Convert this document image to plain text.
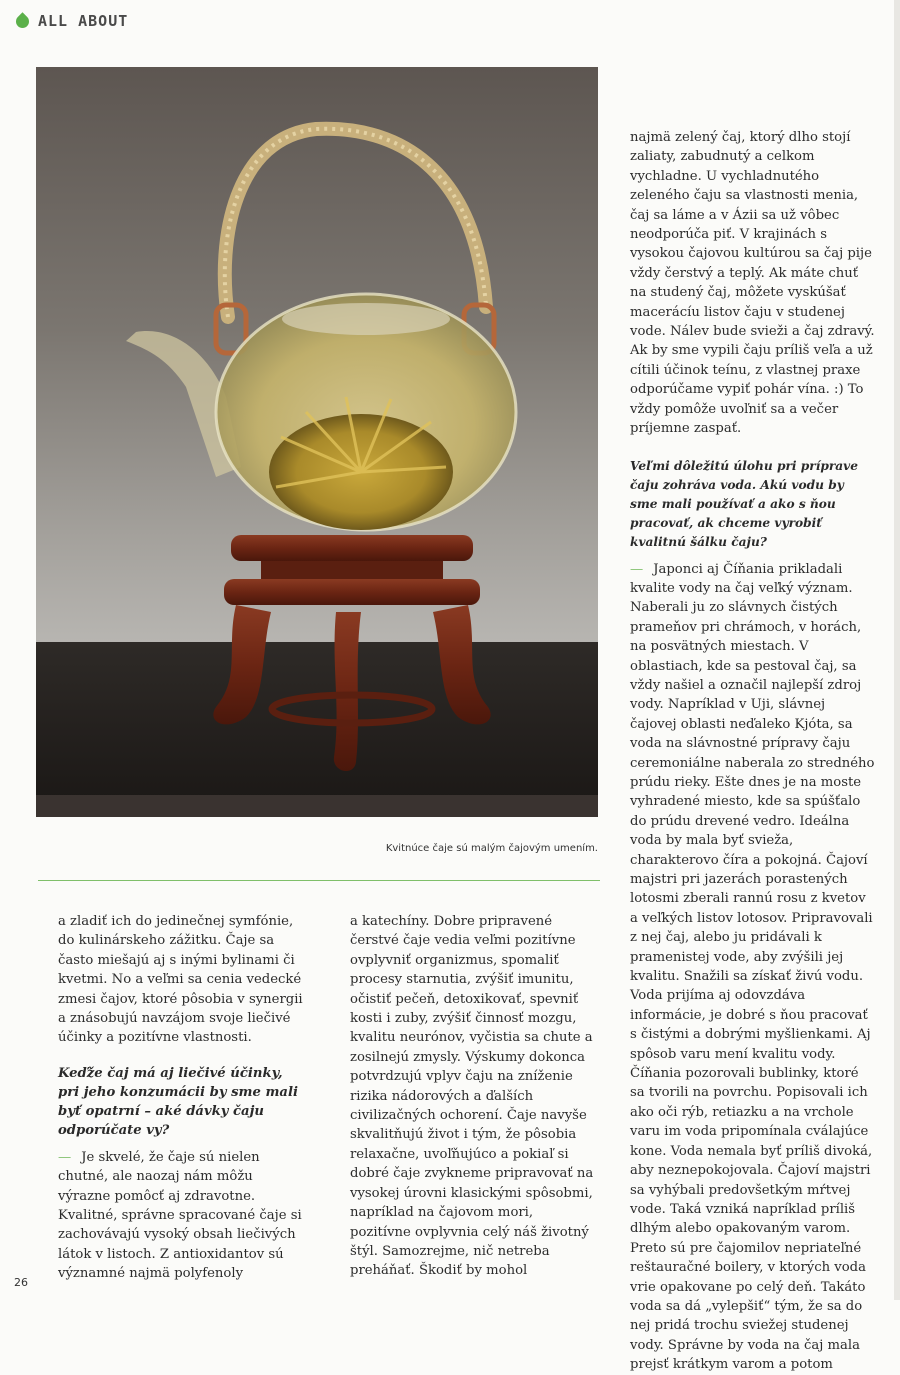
ALL ABOUT
Kvitnúce čaje sú malým čajovým umením.

a zladiť ich do jedinečnej symfónie, do kulinárskeho zážitku. Čaje sa často miešajú aj s inými bylinami či kvetmi. No a veľmi sa cenia vedecké zmesi čajov, ktoré pôsobia v synergii a znásobujú navzájom svoje liečivé účinky a pozitívne vlastnosti.

Keďže čaj má aj liečivé účinky, pri jeho konzumácii by sme mali byť opatrní – aké dávky čaju odporúčate vy?

— Je skvelé, že čaje sú nielen chutné, ale naozaj nám môžu výrazne pomôcť aj zdravotne. Kvalitné, správne spracované čaje si zachovávajú vysoký obsah liečivých látok v listoch. Z antioxidantov sú významné najmä polyfenoly

a katechíny. Dobre pripravené čerstvé čaje vedia veľmi pozitívne ovplyvniť organizmus, spomaliť procesy starnutia, zvýšiť imunitu, očistiť pečeň, detoxikovať, spevniť kosti i zuby, zvýšiť činnosť mozgu, kvalitu neurónov, vyčistia sa chute a zosilnejú zmysly. Výskumy dokonca potvrdzujú vplyv čaju na zníženie rizika nádorových a ďalších civilizačných ochorení. Čaje navyše skvalitňujú život i tým, že pôsobia relaxačne, uvoľňujúco a pokiaľ si dobré čaje zvykneme pripravovať na vysokej úrovni klasickými spôsobmi, napríklad na čajovom mori, pozitívne ovplyvnia celý náš životný štýl. Samozrejme, nič netreba preháňať. Škodiť by mohol

najmä zelený čaj, ktorý dlho stojí zaliaty, zabudnutý a celkom vychladne. U vychladnutého zeleného čaju sa vlastnosti menia, čaj sa láme a v Ázii sa už vôbec neodporúča piť. V krajinách s vysokou čajovou kultúrou sa čaj pije vždy čerstvý a teplý. Ak máte chuť na studený čaj, môžete vyskúšať macerácíu listov čaju v studenej vode. Nálev bude svieži a čaj zdravý. Ak by sme vypili čaju príliš veľa a už cítili účinok teínu, z vlastnej praxe odporúčame vypiť pohár vína. :) To vždy pomôže uvoľniť sa a večer príjemne zaspať.

Veľmi dôležitú úlohu pri príprave čaju zohráva voda. Akú vodu by sme mali používať a ako s ňou pracovať, ak chceme vyrobiť kvalitnú šálku čaju?

— Japonci aj Číňania prikladali kvalite vody na čaj veľký význam. Naberali ju zo slávnych čistých prameňov pri chrámoch, v horách, na posvätných miestach. V oblastiach, kde sa pestoval čaj, sa vždy našiel a označil najlepší zdroj vody. Napríklad v Uji, slávnej čajovej oblasti neďaleko Kjóta, sa voda na slávnostné prípravy čaju ceremoniálne naberala zo stredného prúdu rieky. Ešte dnes je na moste vyhradené miesto, kde sa spúšťalo do prúdu drevené vedro. Ideálna voda by mala byť svieža, charakterovo číra a pokojná. Čajoví majstri pri jazerách porastených lotosmi zberali rannú rosu z kvetov a veľkých listov lotosov. Pripravovali z nej čaj, alebo ju pridávali k pramenistej vode, aby zvýšili jej kvalitu. Snažili sa získať živú vodu. Voda prijíma aj odovzdáva informácie, je dobré s ňou pracovať s čistými a dobrými myšlienkami. Aj spôsob varu mení kvalitu vody. Číňania pozorovali bublinky, ktoré sa tvorili na povrchu. Popisovali ich ako oči rýb, retiazku a na vrchole varu im voda pripomínala cválajúce kone. Voda nemala byť príliš divoká, aby neznepokojovala. Čajoví majstri sa vyhýbali predovšetkým mŕtvej vode. Taká vzniká napríklad príliš dlhým alebo opakovaným varom. Preto sú pre čajomilov nepriateľné reštauračné boilery, v ktorých voda vrie opakovane po celý deň. Takáto voda sa dá „vylepšiť“ tým, že sa do nej pridá trochu sviežej studenej vody. Správne by voda na čaj mala prejsť krátkym varom a potom

26
